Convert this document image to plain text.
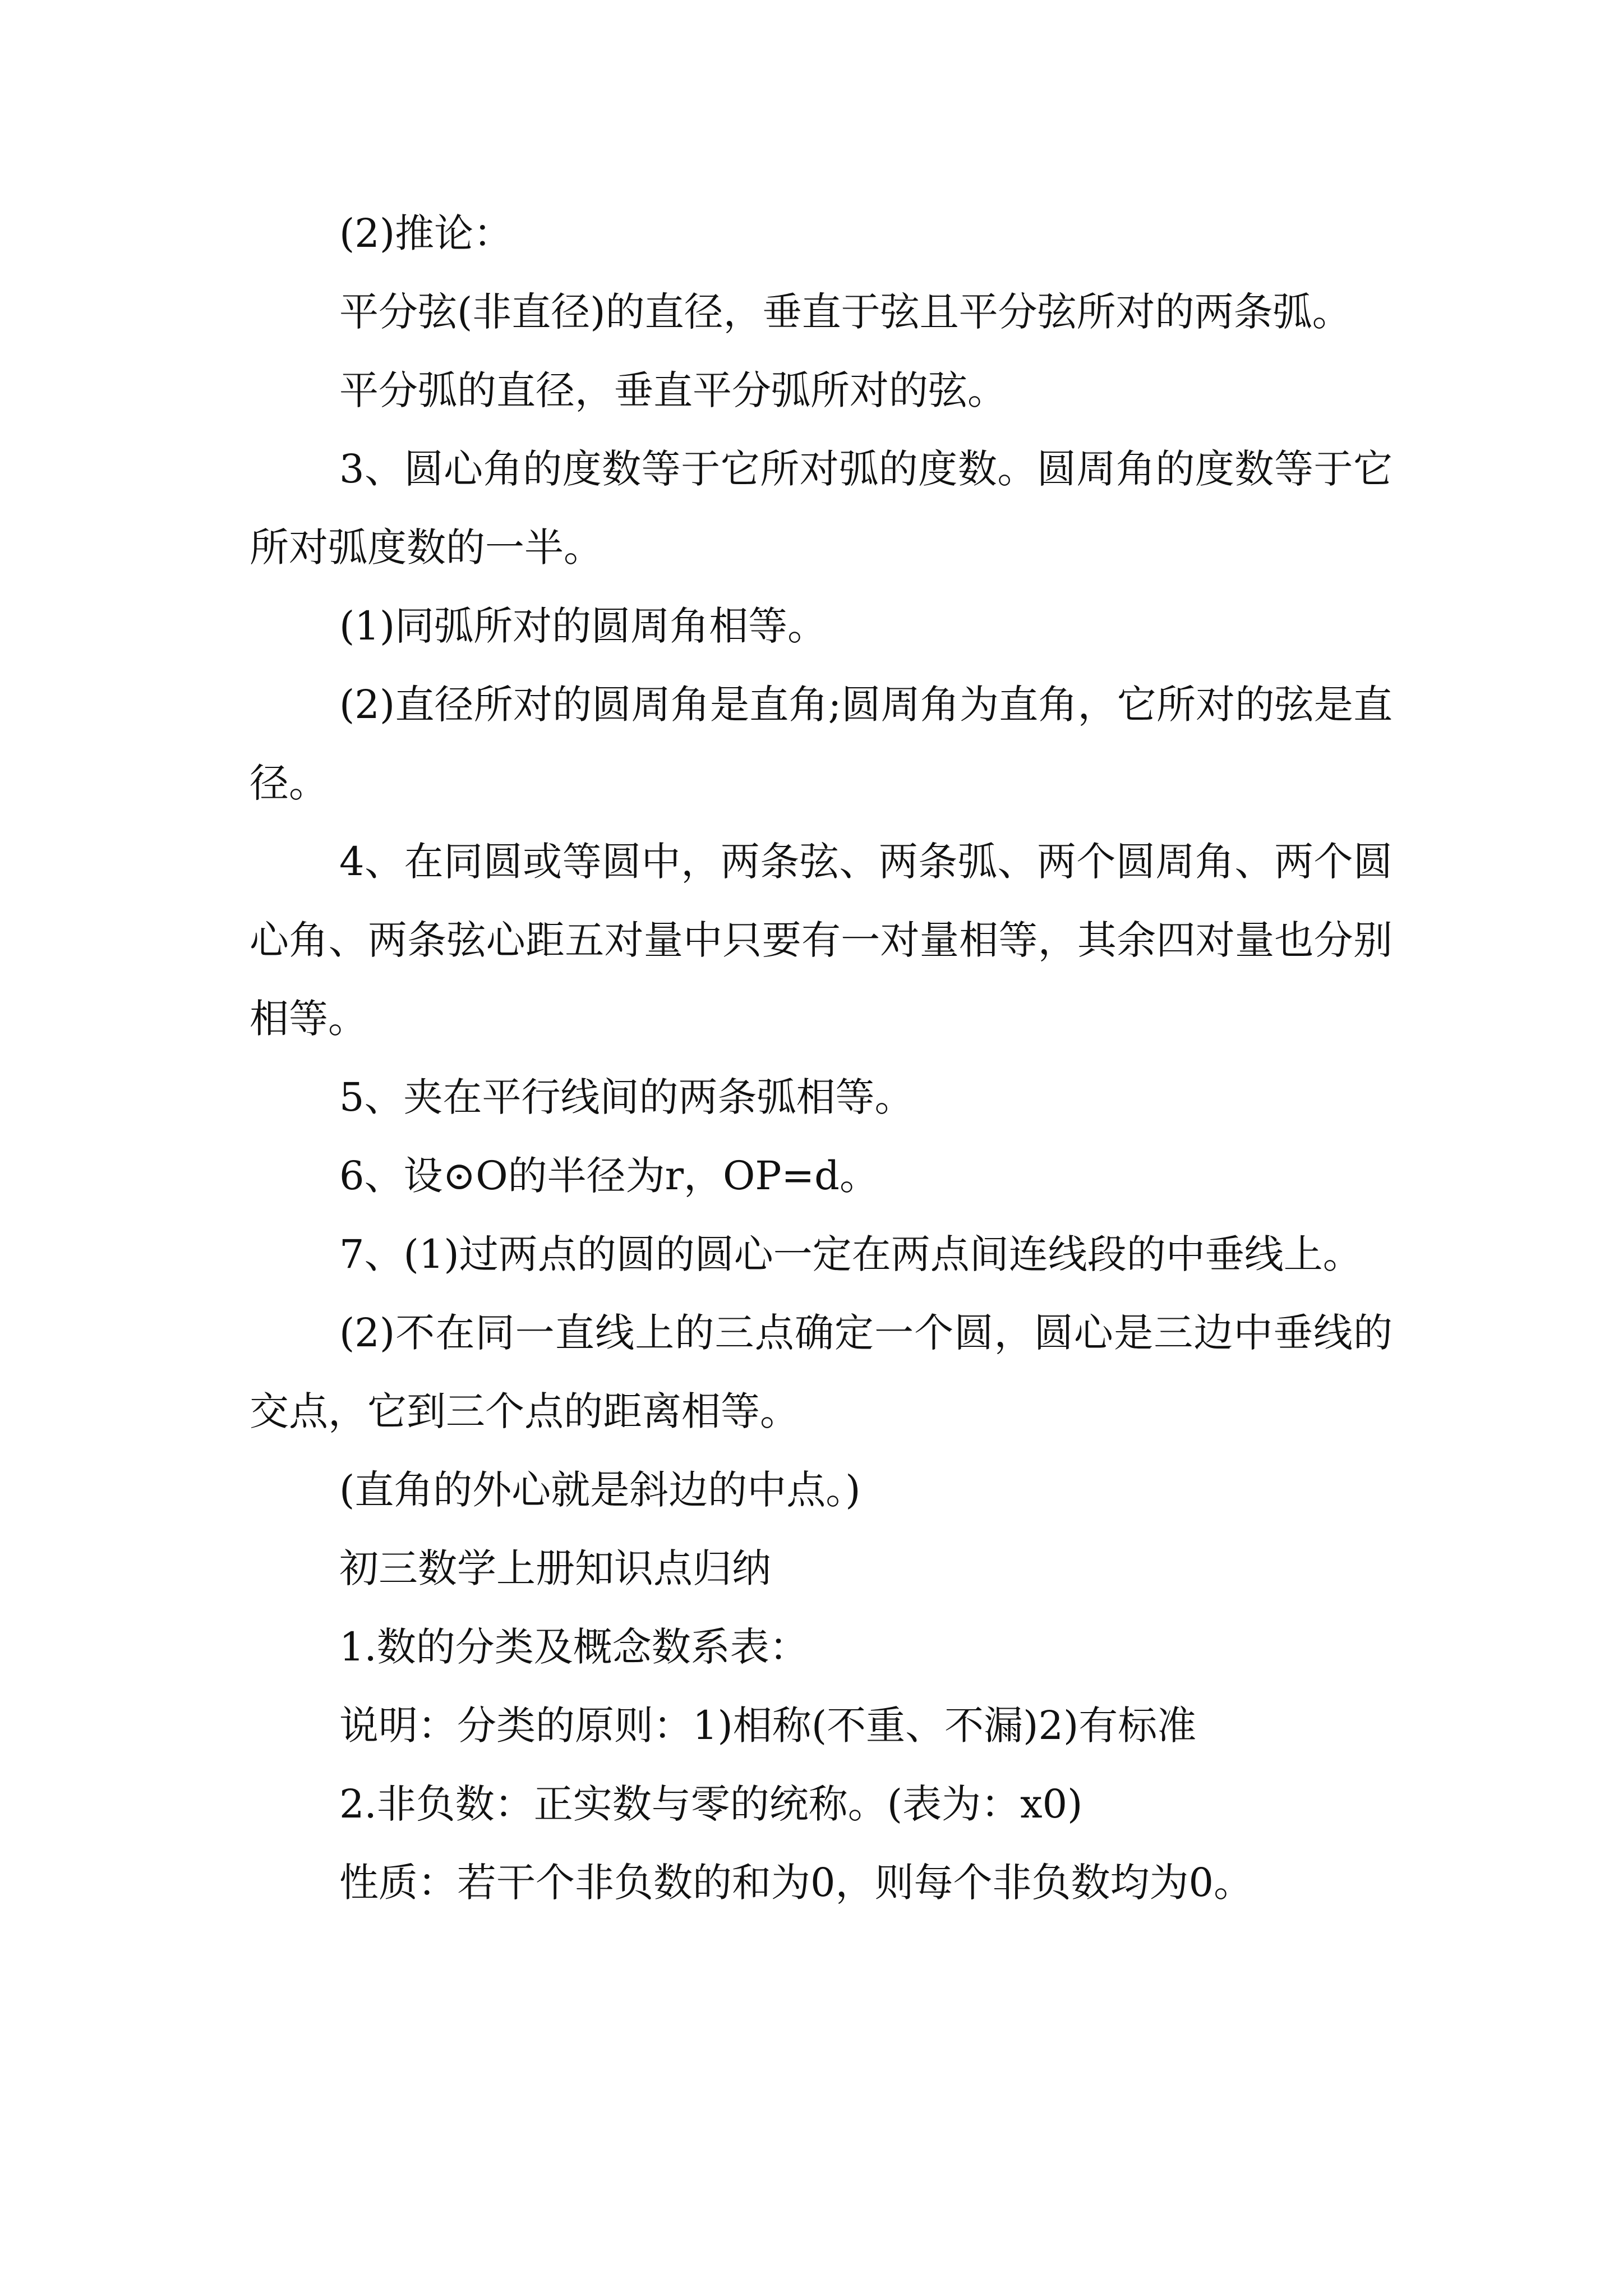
(2)推论：

平分弦(非直径)的直径，垂直于弦且平分弦所对的两条弧。

平分弧的直径，垂直平分弧所对的弦。

3、圆心角的度数等于它所对弧的度数。圆周角的度数等于它所对弧度数的一半。

(1)同弧所对的圆周角相等。

(2)直径所对的圆周角是直角;圆周角为直角，它所对的弦是直径。

4、在同圆或等圆中，两条弦、两条弧、两个圆周角、两个圆心角、两条弦心距五对量中只要有一对量相等，其余四对量也分别相等。

5、夹在平行线间的两条弧相等。

6、设⊙O的半径为r，OP=d。

7、(1)过两点的圆的圆心一定在两点间连线段的中垂线上。

(2)不在同一直线上的三点确定一个圆，圆心是三边中垂线的交点，它到三个点的距离相等。

(直角的外心就是斜边的中点。)

初三数学上册知识点归纳

1.数的分类及概念数系表：

说明：分类的原则：1)相称(不重、不漏)2)有标准

2.非负数：正实数与零的统称。(表为：x0)

性质：若干个非负数的和为0，则每个非负数均为0。
